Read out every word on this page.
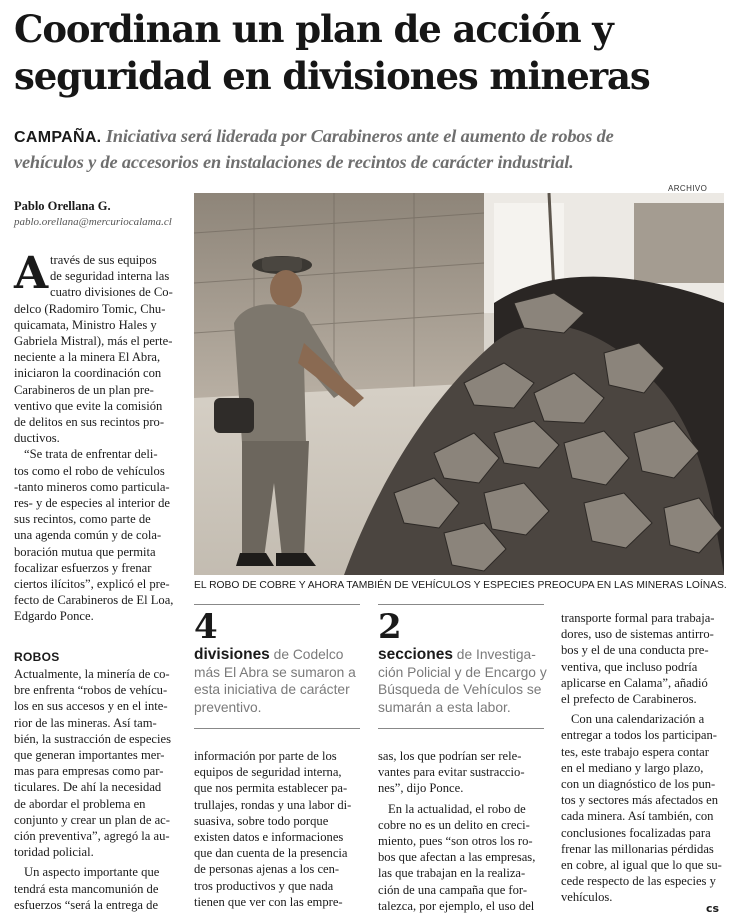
Coordinan un plan de acción y
seguridad en divisiones mineras
CAMPAÑA. Iniciativa será liderada por Carabineros ante el aumento de robos de
vehículos y de accesorios en instalaciones de recintos de carácter industrial.
Pablo Orellana G.
pablo.orellana@mercuriocalama.cl
A través de sus equipos
de seguridad interna las
cuatro divisiones de Co-
delco (Radomiro Tomic, Chu-
quicamata, Ministro Hales y
Gabriela Mistral), más el perte-
neciente a la minera El Abra,
iniciaron la coordinación con
Carabineros de un plan pre-
ventivo que evite la comisión
de delitos en sus recintos pro-
ductivos.
“Se trata de enfrentar deli-
tos como el robo de vehículos
-tanto mineros como particula-
res- y de especies al interior de
sus recintos, como parte de
una agenda común y de cola-
boración mutua que permita
focalizar esfuerzos y frenar
ciertos ilícitos”, explicó el pre-
fecto de Carabineros de El Loa,
Edgardo Ponce.
ROBOS
Actualmente, la minería de co-
bre enfrenta “robos de vehícu-
los en sus accesos y en el inte-
rior de las mineras. Así tam-
bién, la sustracción de especies
que generan importantes mer-
mas para empresas como par-
ticulares. De ahí la necesidad
de abordar el problema en
conjunto y crear un plan de ac-
ción preventiva”, agregó la au-
toridad policial.
Un aspecto importante que
tendrá esta mancomunión de
esfuerzos “será la entrega de
ARCHIVO
EL ROBO DE COBRE Y AHORA TAMBIÉN DE VEHÍCULOS Y ESPECIES PREOCUPA EN LAS MINERAS LOÍNAS.
4
divisiones de Codelco
más El Abra se sumaron a
esta iniciativa de carácter
preventivo.
2
secciones de Investiga-
ción Policial y de Encargo y
Búsqueda de Vehículos se
sumarán a esta labor.
información por parte de los
equipos de seguridad interna,
que nos permita establecer pa-
trullajes, rondas y una labor di-
suasiva, sobre todo porque
existen datos e informaciones
que dan cuenta de la presencia
de personas ajenas a los cen-
tros productivos y que nada
tienen que ver con las empre-
sas, los que podrían ser rele-
vantes para evitar sustraccio-
nes”, dijo Ponce.
En la actualidad, el robo de
cobre no es un delito en creci-
miento, pues “son otros los ro-
bos que afectan a las empresas,
las que trabajan en la realiza-
ción de una campaña que for-
talezca, por ejemplo, el uso del
transporte formal para trabaja-
dores, uso de sistemas antirro-
bos y el de una conducta pre-
ventiva, que incluso podría
aplicarse en Calama”, añadió
el prefecto de Carabineros.
Con una calendarización a
entregar a todos los participan-
tes, este trabajo espera contar
en el mediano y largo plazo,
con un diagnóstico de los pun-
tos y sectores más afectados en
cada minera. Así también, con
conclusiones focalizadas para
frenar las millonarias pérdidas
en cobre, al igual que lo que su-
cede respecto de las especies y
vehículos.
cs
